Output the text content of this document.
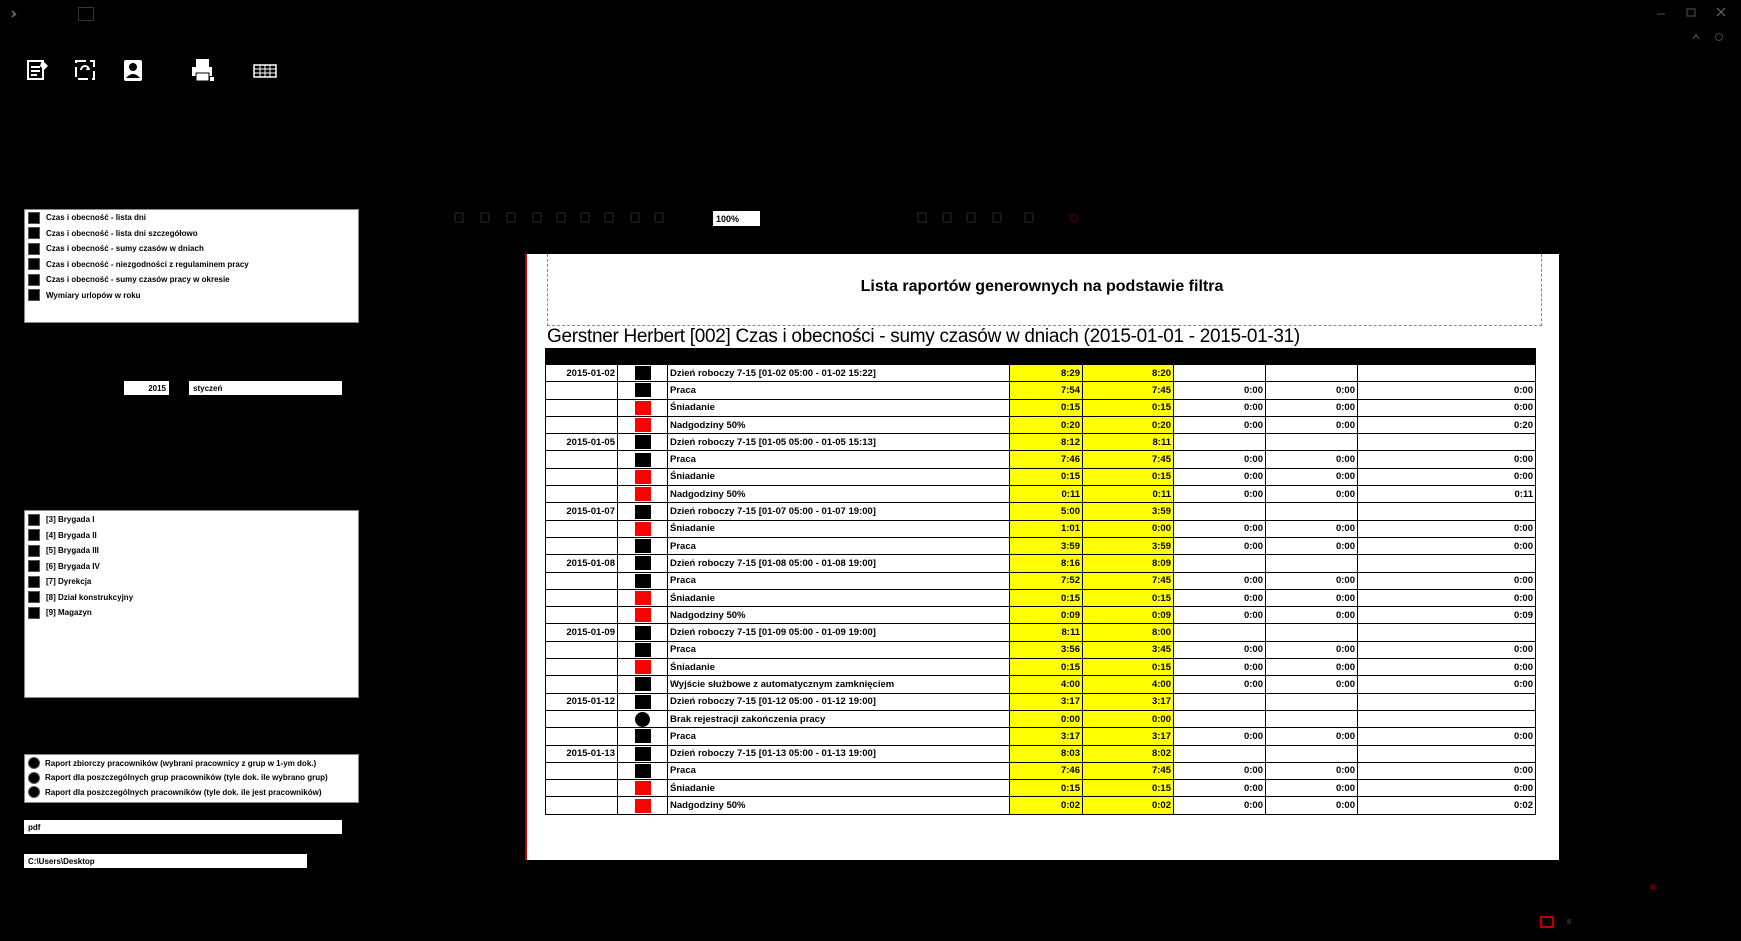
Czas i obecność - lista dni
Czas i obecność - lista dni szczegółowo
Czas i obecność - sumy czasów w dniach
Czas i obecność - niezgodności z regulaminem pracy
Czas i obecność - sumy czasów pracy w okresie
Wymiary urlopów w roku
2015	styczeń
[3] Brygada I
[4] Brygada II
[5] Brygada III
[6] Brygada IV
[7] Dyrekcja
[8] Dział konstrukcyjny
[9] Magazyn
Raport zbiorczy pracowników (wybrani pracownicy z grup w 1-ym dok.)
Raport dla poszczególnych grup pracowników (tyle dok. ile wybrano grup)
Raport dla poszczególnych pracowników (tyle dok. ile jest pracowników)
pdf
C:\Users\Desktop
100%
Lista raportów generownych na podstawie filtra
Gerstner Herbert [002] Czas i obecności - sumy czasów w dniach (2015-01-01 - 2015-01-31)

2015-01-02		Dzień roboczy 7-15 [01-02 05:00 - 01-02 15:22]	8:29	8:20			

	Praca	7:54	7:45	0:00	0:00	0:00

	Śniadanie	0:15	0:15	0:00	0:00	0:00

	Nadgodziny 50%	0:20	0:20	0:00	0:00	0:20
2015-01-05		Dzień roboczy 7-15 [01-05 05:00 - 01-05 15:13]	8:12	8:11			

	Praca	7:46	7:45	0:00	0:00	0:00

	Śniadanie	0:15	0:15	0:00	0:00	0:00

	Nadgodziny 50%	0:11	0:11	0:00	0:00	0:11
2015-01-07		Dzień roboczy 7-15 [01-07 05:00 - 01-07 19:00]	5:00	3:59			

	Śniadanie	1:01	0:00	0:00	0:00	0:00

	Praca	3:59	3:59	0:00	0:00	0:00
2015-01-08		Dzień roboczy 7-15 [01-08 05:00 - 01-08 19:00]	8:16	8:09			

	Praca	7:52	7:45	0:00	0:00	0:00

	Śniadanie	0:15	0:15	0:00	0:00	0:00

	Nadgodziny 50%	0:09	0:09	0:00	0:00	0:09
2015-01-09		Dzień roboczy 7-15 [01-09 05:00 - 01-09 19:00]	8:11	8:00			

	Praca	3:56	3:45	0:00	0:00	0:00

	Śniadanie	0:15	0:15	0:00	0:00	0:00

	Wyjście służbowe z automatycznym zamknięciem	4:00	4:00	0:00	0:00	0:00
2015-01-12		Dzień roboczy 7-15 [01-12 05:00 - 01-12 19:00]	3:17	3:17			

	Brak rejestracji zakończenia pracy	0:00	0:00			

	Praca	3:17	3:17	0:00	0:00	0:00
2015-01-13		Dzień roboczy 7-15 [01-13 05:00 - 01-13 19:00]	8:03	8:02			

	Praca	7:46	7:45	0:00	0:00	0:00

	Śniadanie	0:15	0:15	0:00	0:00	0:00

	Nadgodziny 50%	0:02	0:02	0:00	0:00	0:02
